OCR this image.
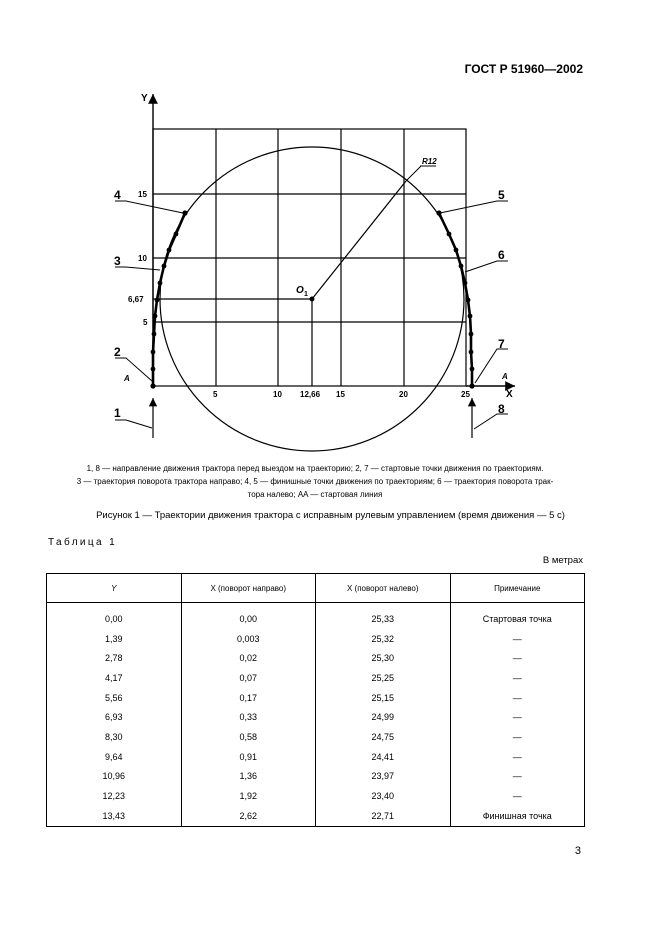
ГОСТ Р 51960—2002
4
3
2
1
5
6
7
8
Y
X
15
10
6,67
5
5	10 12,66 15	20	25
A	A
R12
O 1
1, 8 — направление движения трактора перед выездом на траекторию; 2, 7 — стартовые точки движения по траекториям.
3 — траектория поворота трактора направо; 4, 5 — финишные точки движения по траекториям; 6 — траектория поворота трак-
тора налево; AA — стартовая линия
Рисунок 1 — Траектории движения трактора с исправным рулевым управлением (время движения — 5 с)
Таблица 1
В метрах
Y	X (поворот направо)	X (поворот налево)	Примечание
0,00	0,00	25,33	Стартовая точка
1,39	0,003	25,32	—
2,78	0,02	25,30	—
4,17	0,07	25,25	—
5,56	0,17	25,15	—
6,93	0,33	24,99	—
8,30	0,58	24,75	—
9,64	0,91	24,41	—
10,96	1,36	23,97	—
12,23	1,92	23,40	—
13,43	2,62	22,71	Финишная точка
3
